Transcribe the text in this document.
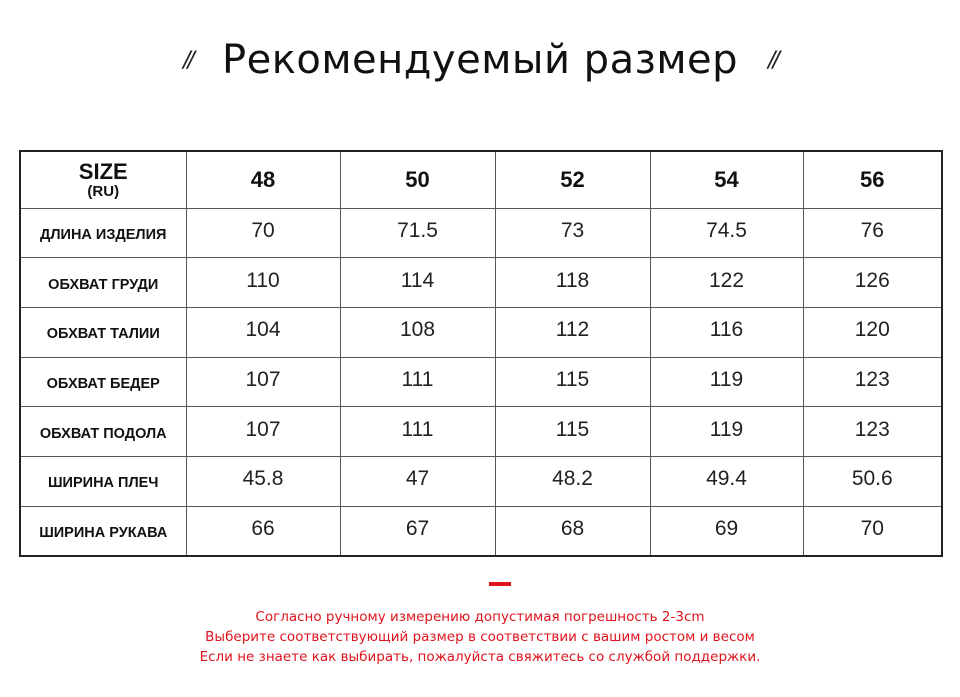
// Рекомендуемый размер //
SIZE
(RU)	48	50	52	54	56
ДЛИНА ИЗДЕЛИЯ	70	71.5	73	74.5	76
ОБХВАТ ГРУДИ	110	114	118	122	126
ОБХВАТ ТАЛИИ	104	108	112	116	120
ОБХВАТ БЕДЕР	107	111	115	119	123
ОБХВАТ ПОДОЛА	107	111	115	119	123
ШИРИНА ПЛЕЧ	45.8	47	48.2	49.4	50.6
ШИРИНА РУКАВА	66	67	68	69	70
Согласно ручному измерению допустимая погрешность 2-3cm
Выберите соответствующий размер в соответствии с вашим ростом и весом
Если не знаете как выбирать, пожалуйста свяжитесь со службой поддержки.
